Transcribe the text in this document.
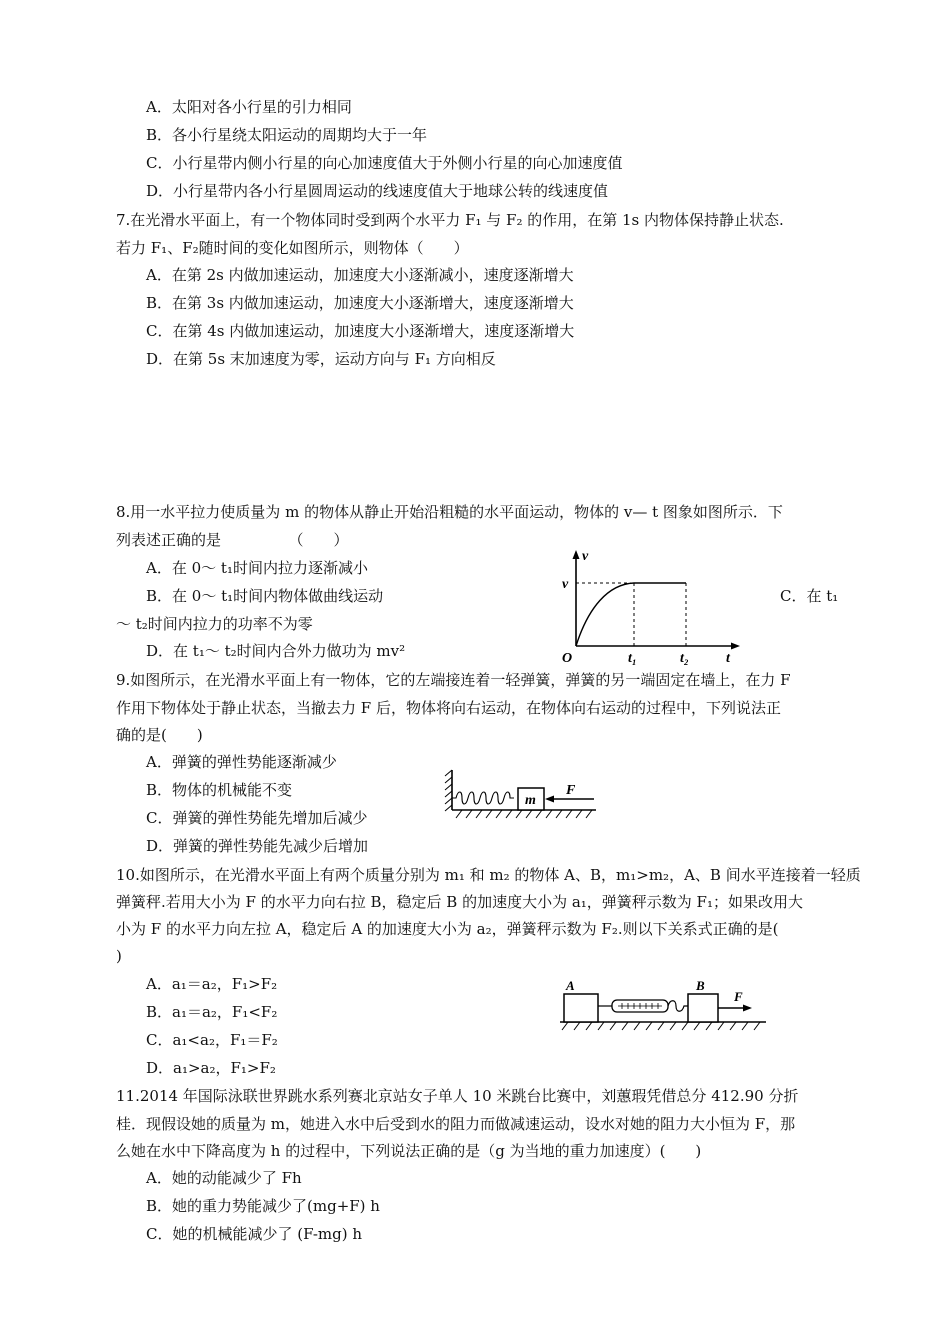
A．太阳对各小行星的引力相同
B．各小行星绕太阳运动的周期均大于一年
C．小行星带内侧小行星的向心加速度值大于外侧小行星的向心加速度值
D．小行星带内各小行星圆周运动的线速度值大于地球公转的线速度值
7.在光滑水平面上，有一个物体同时受到两个水平力 F₁ 与 F₂ 的作用，在第 1s 内物体保持静止状态.
若力 F₁、F₂随时间的变化如图所示，则物体（　　）
A．在第 2s 内做加速运动，加速度大小逐渐减小，速度逐渐增大
B．在第 3s 内做加速运动，加速度大小逐渐增大，速度逐渐增大
C．在第 4s 内做加速运动，加速度大小逐渐增大，速度逐渐增大
D．在第 5s 末加速度为零，运动方向与 F₁ 方向相反
8.用一水平拉力使质量为 m 的物体从静止开始沿粗糙的水平面运动，物体的 v— t 图象如图所示．下
列表述正确的是　　　　　（　　）
A．在 0～ t₁时间内拉力逐渐减小
B．在 0～ t₁时间内物体做曲线运动	C．在 t₁
～ t₂时间内拉力的功率不为零
D．在 t₁～ t₂时间内合外力做功为 mv²
v
v
O	t₁	t₂	t
9.如图所示，在光滑水平面上有一物体，它的左端接连着一轻弹簧，弹簧的另一端固定在墙上，在力 F
作用下物体处于静止状态，当撤去力 F 后，物体将向右运动，在物体向右运动的过程中，下列说法正
确的是(　　)
A．弹簧的弹性势能逐渐减少
B．物体的机械能不变
C．弹簧的弹性势能先增加后减少
D．弹簧的弹性势能先减少后增加
m
F
10.如图所示，在光滑水平面上有两个质量分别为 m₁ 和 m₂ 的物体 A、B，m₁>m₂，A、B 间水平连接着一轻质
弹簧秤.若用大小为 F 的水平力向右拉 B，稳定后 B 的加速度大小为 a₁，弹簧秤示数为 F₁；如果改用大
小为 F 的水平力向左拉 A，稳定后 A 的加速度大小为 a₂，弹簧秤示数为 F₂.则以下关系式正确的是(
)
A．a₁＝a₂，F₁>F₂
B．a₁＝a₂，F₁<F₂
C．a₁<a₂，F₁＝F₂
D．a₁>a₂，F₁>F₂
A	B
F
11.2014 年国际泳联世界跳水系列赛北京站女子单人 10 米跳台比赛中，刘蕙瑕凭借总分 412.90 分折
桂．现假设她的质量为 m，她进入水中后受到水的阻力而做减速运动，设水对她的阻力大小恒为 F，那
么她在水中下降高度为 h 的过程中，下列说法正确的是（g 为当地的重力加速度）(　　)
A．她的动能减少了 Fh
B．她的重力势能减少了(mg+F) h
C．她的机械能减少了 (F-mg) h
